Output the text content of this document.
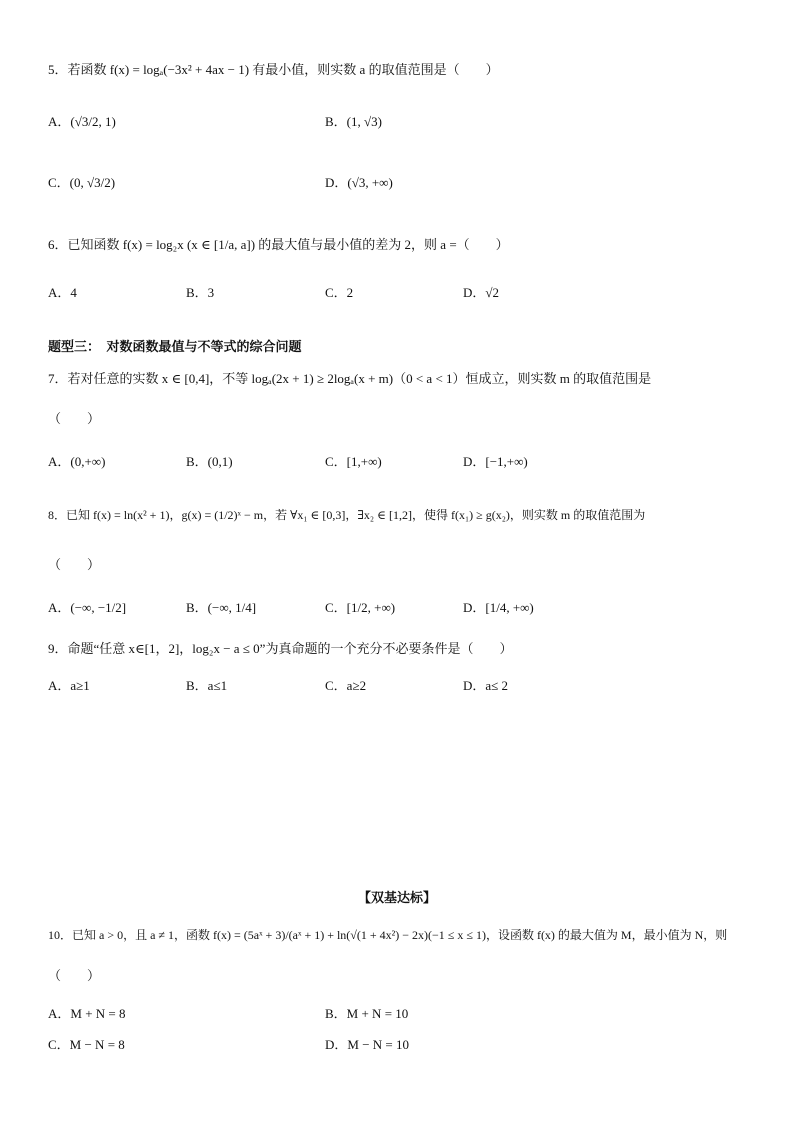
5．若函数 f(x) = logₐ(−3x² + 4ax − 1) 有最小值，则实数 a 的取值范围是（　　）
A．(√3/2, 1)	B．(1, √3)
C．(0, √3/2)	D．(√3, +∞)
6．已知函数 f(x) = log₂x (x ∈ [1/a, a]) 的最大值与最小值的差为 2，则 a =（　　）
A．4	B．3	C．2	D．√2
题型三：　对数函数最值与不等式的综合问题
7．若对任意的实数 x ∈ [0,4]，不等 logₐ(2x + 1) ≥ 2logₐ(x + m)（0 < a < 1）恒成立，则实数 m 的取值范围是
（　　）
A．(0,+∞)	B．(0,1)	C．[1,+∞)	D．[−1,+∞)
8．已知 f(x) = ln(x² + 1)，g(x) = (1/2)ˣ − m，若 ∀x₁ ∈ [0,3]，∃x₂ ∈ [1,2]，使得 f(x₁) ≥ g(x₂)，则实数 m 的取值范围为
（　　）
A．(−∞, −1/2]	B．(−∞, 1/4]	C．[1/2, +∞)	D．[1/4, +∞)
9．命题“任意 x∈[1，2]，log₂x − a ≤ 0”为真命题的一个充分不必要条件是（　　）
A．a≥1	B．a≤1	C．a≥2	D．a≤ 2
【双基达标】
10．已知 a > 0，且 a ≠ 1，函数 f(x) = (5aˣ + 3)/(aˣ + 1) + ln(√(1 + 4x²) − 2x)(−1 ≤ x ≤ 1)，设函数 f(x) 的最大值为 M，最小值为 N，则
（　　）
A．M + N = 8	B．M + N = 10
C．M − N = 8	D．M − N = 10
